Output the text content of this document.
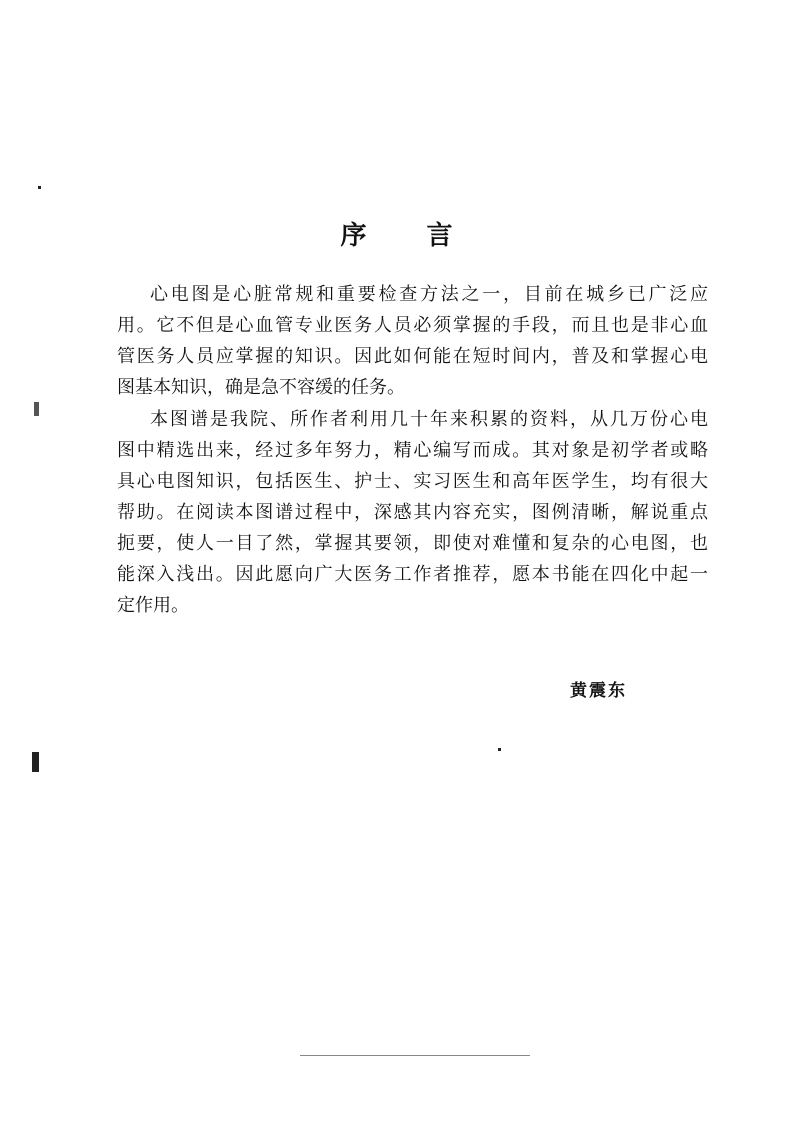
序言
心电图是心脏常规和重要检查方法之一，目前在城乡已广泛应
用。它不但是心血管专业医务人员必须掌握的手段，而且也是非心血
管医务人员应掌握的知识。因此如何能在短时间内，普及和掌握心电
图基本知识，确是急不容缓的任务。
本图谱是我院、所作者利用几十年来积累的资料，从几万份心电
图中精选出来，经过多年努力，精心编写而成。其对象是初学者或略
具心电图知识，包括医生、护士、实习医生和高年医学生，均有很大
帮助。在阅读本图谱过程中，深感其内容充实，图例清晰，解说重点
扼要，使人一目了然，掌握其要领，即使对难懂和复杂的心电图，也
能深入浅出。因此愿向广大医务工作者推荐，愿本书能在四化中起一
定作用。
黄震东
